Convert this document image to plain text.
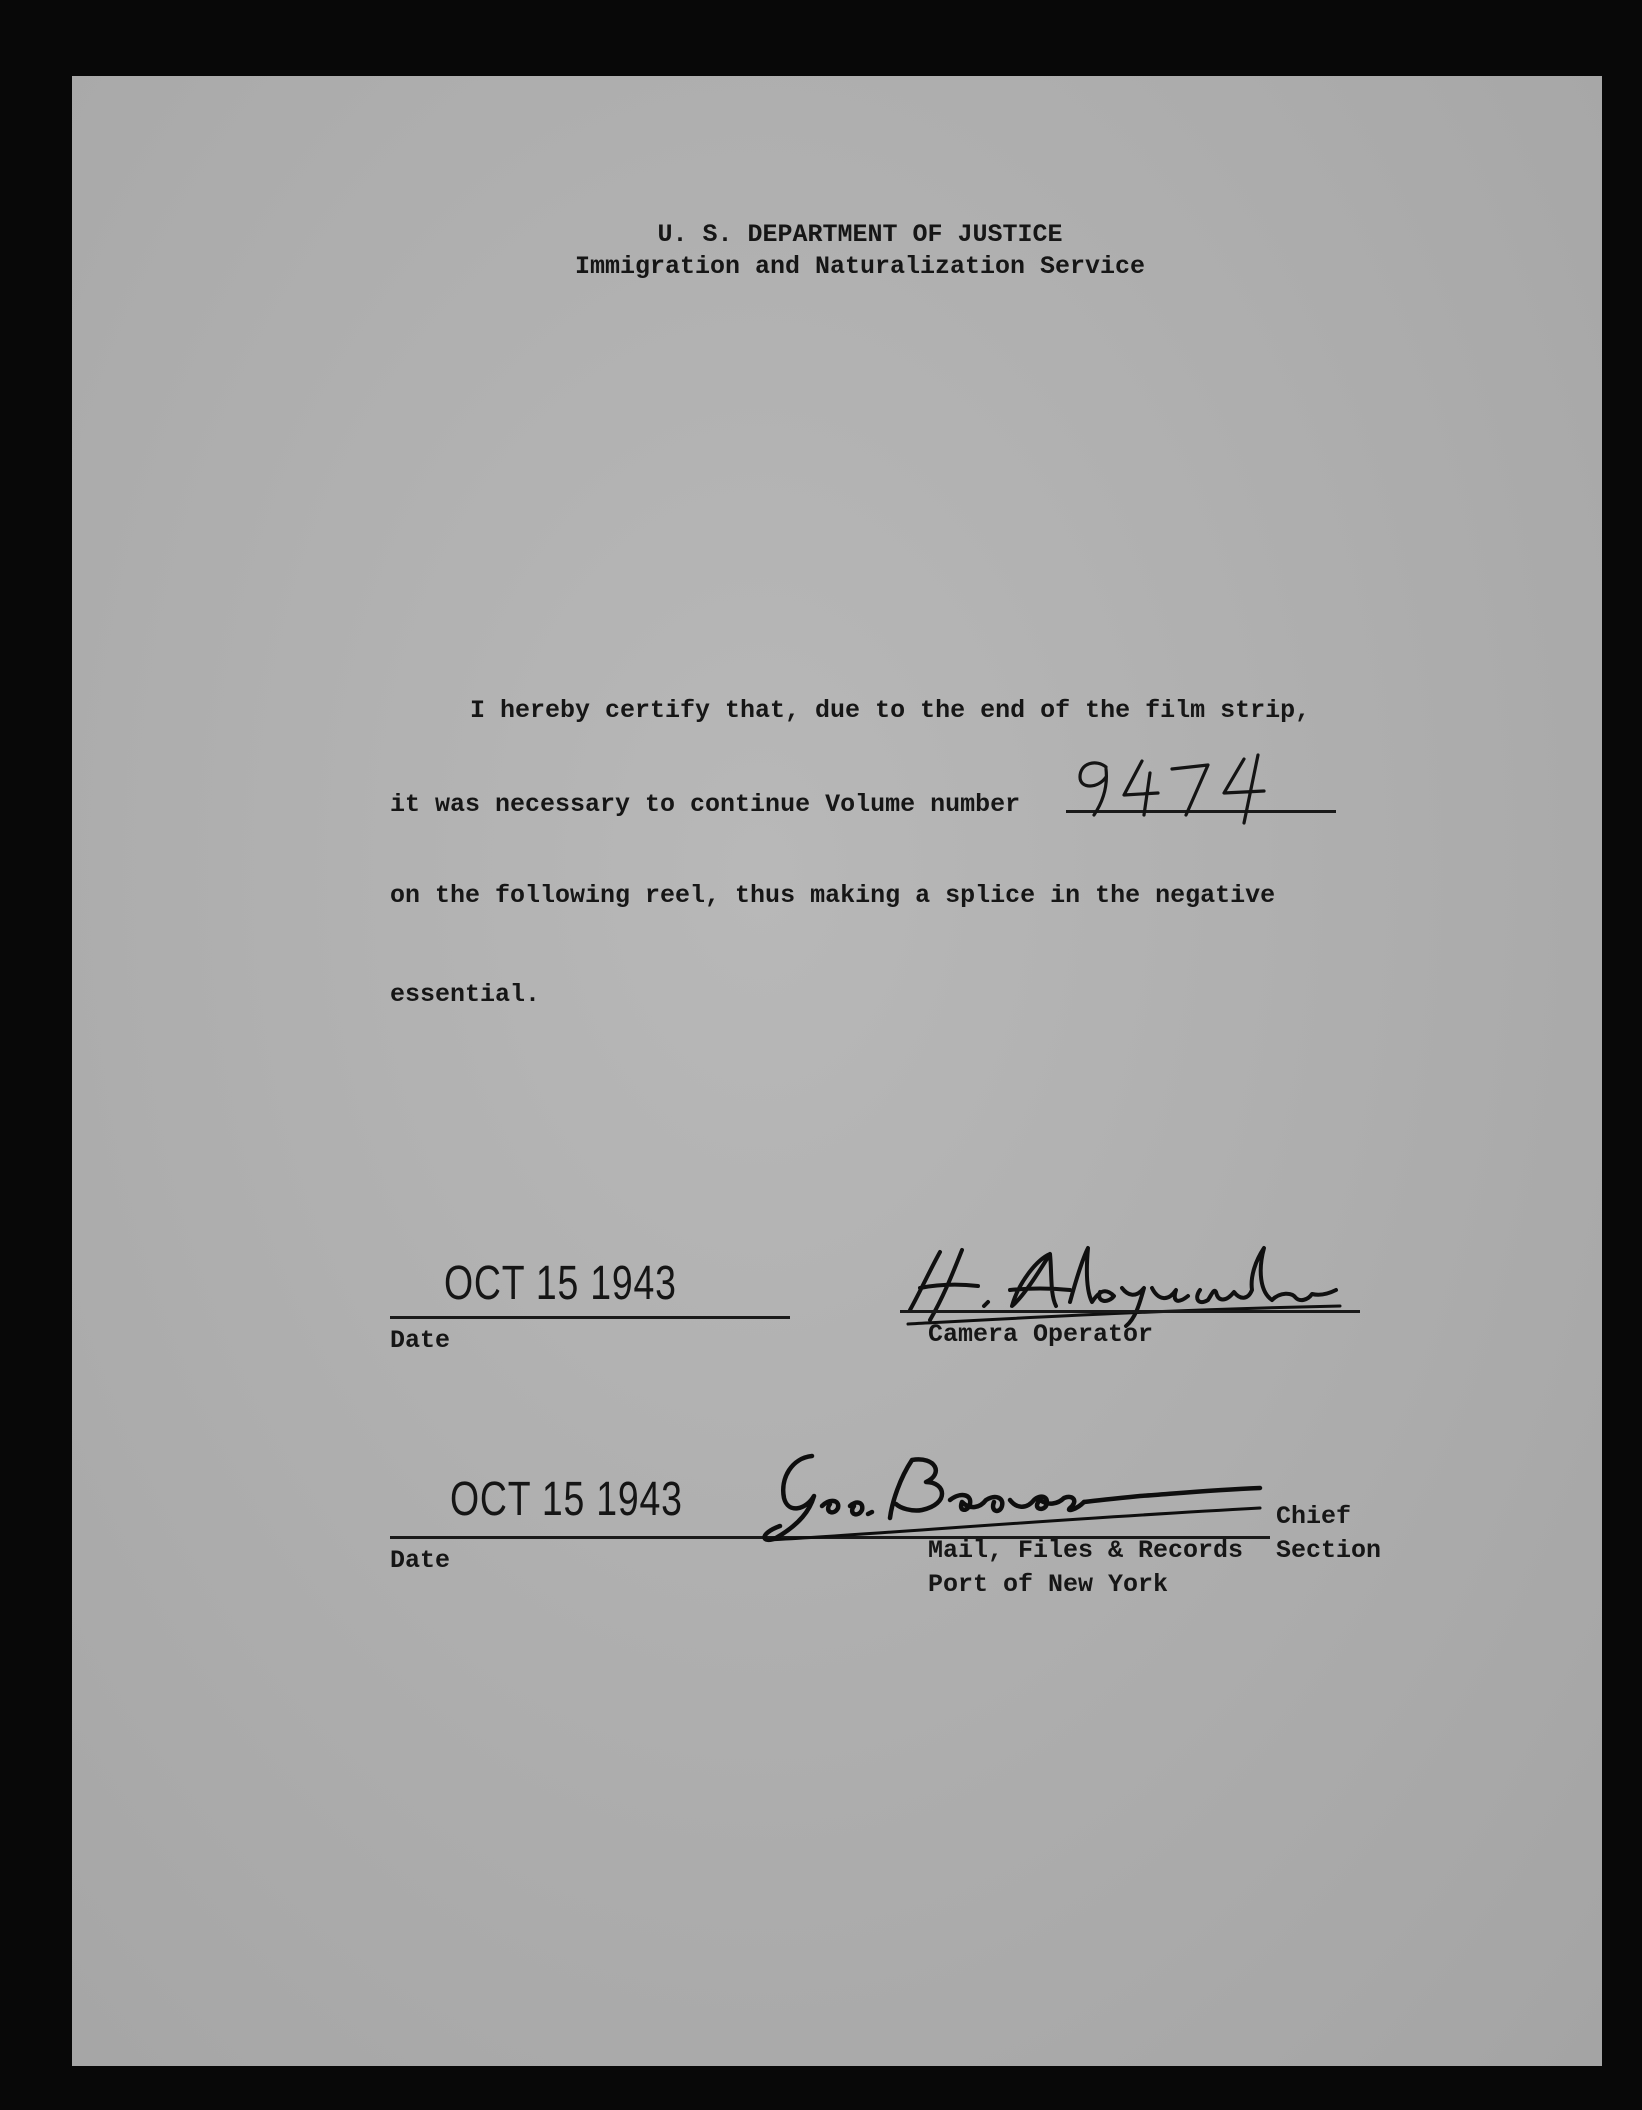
U. S. DEPARTMENT OF JUSTICE
Immigration and Naturalization Service
I hereby certify that, due to the end of the film strip,
it was necessary to continue Volume number
on the following reel, thus making a splice in the negative
essential.
OCT 15 1943
Date	Camera Operator
OCT 15 1943
Date
Chief
Mail, Files & Records Section
Port of New York
